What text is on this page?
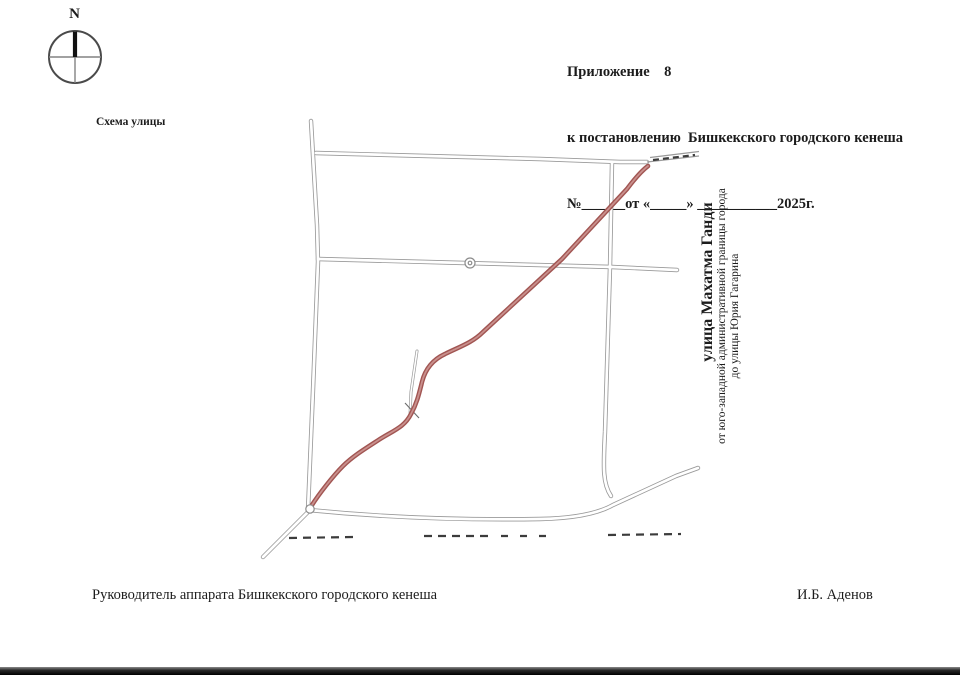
N

Приложение    8

к постановлению  Бишкекского городского кенеша

№______от «_____» ___________2025г.

Схема улицы
улица Махатма Ганди от юго-западной административной границы города до улицы Юрия Гагарина
Руководитель аппарата Бишкекского городского кенеша	И.Б. Аденов
